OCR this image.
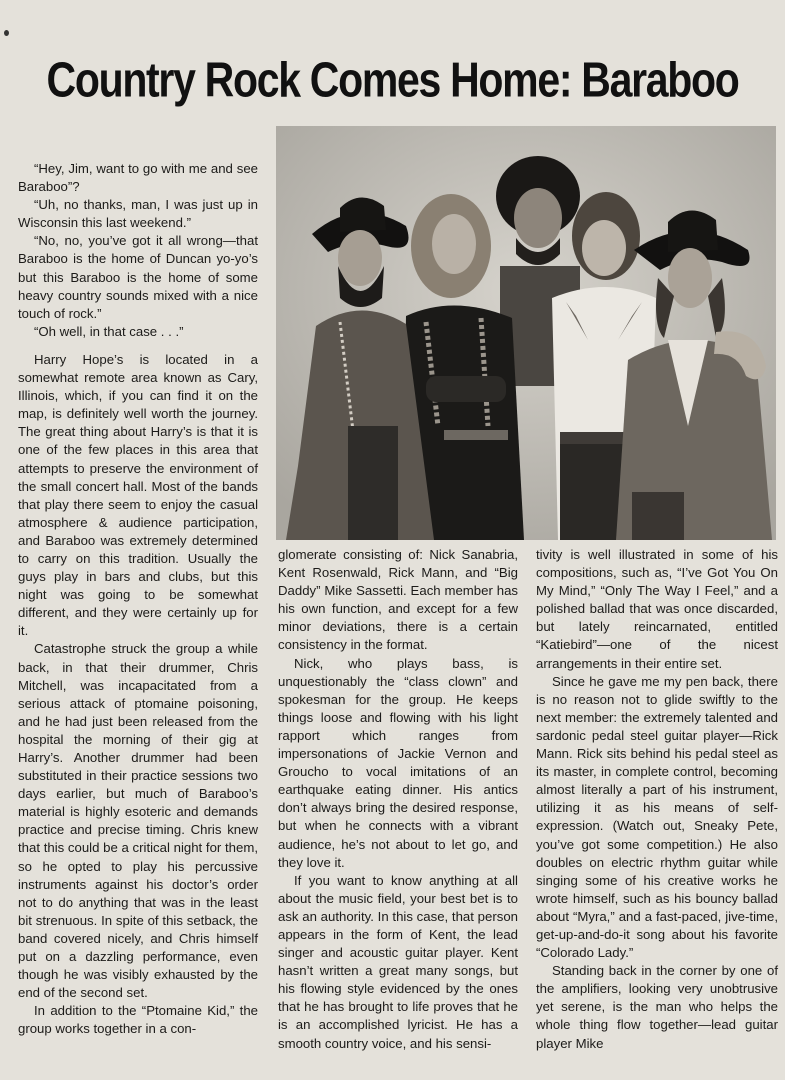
Country Rock Comes Home: Baraboo

“Hey, Jim, want to go with me and see Baraboo”?

“Uh, no thanks, man, I was just up in Wisconsin this last weekend.”

“No, no, you’ve got it all wrong—that Baraboo is the home of Duncan yo-yo’s but this Baraboo is the home of some heavy country sounds mixed with a nice touch of rock.”

“Oh well, in that case . . .”

Harry Hope’s is located in a somewhat remote area known as Cary, Illinois, which, if you can find it on the map, is definitely well worth the journey. The great thing about Harry’s is that it is one of the few places in this area that attempts to preserve the environment of the small concert hall. Most of the bands that play there seem to enjoy the casual atmosphere & audience participation, and Baraboo was extremely determined to carry on this tradition. Usually the guys play in bars and clubs, but this night was going to be somewhat different, and they were certainly up for it.

Catastrophe struck the group a while back, in that their drummer, Chris Mitchell, was incapacitated from a serious attack of ptomaine poisoning, and he had just been released from the hospital the morning of their gig at Harry’s. Another drummer had been substituted in their practice sessions two days earlier, but much of Baraboo’s material is highly esoteric and demands practice and precise timing. Chris knew that this could be a critical night for them, so he opted to play his percussive instruments against his doctor’s order not to do anything that was in the least bit strenuous. In spite of this setback, the band covered nicely, and Chris himself put on a dazzling performance, even though he was visibly exhausted by the end of the second set.

In addition to the “Ptomaine Kid,” the group works together in a con-

glomerate consisting of: Nick Sanabria, Kent Rosenwald, Rick Mann, and “Big Daddy” Mike Sassetti. Each member has his own function, and except for a few minor deviations, there is a certain consistency in the format.

Nick, who plays bass, is unquestionably the “class clown” and spokesman for the group. He keeps things loose and flowing with his light rapport which ranges from impersonations of Jackie Vernon and Groucho to vocal imitations of an earthquake eating dinner. His antics don’t always bring the desired response, but when he connects with a vibrant audience, he’s not about to let go, and they love it.

If you want to know anything at all about the music field, your best bet is to ask an authority. In this case, that person appears in the form of Kent, the lead singer and acoustic guitar player. Kent hasn’t written a great many songs, but his flowing style evidenced by the ones that he has brought to life proves that he is an accomplished lyricist. He has a smooth country voice, and his sensi-

tivity is well illustrated in some of his compositions, such as, “I’ve Got You On My Mind,” “Only The Way I Feel,” and a polished ballad that was once discarded, but lately reincarnated, entitled “Katiebird”—one of the nicest arrangements in their entire set.

Since he gave me my pen back, there is no reason not to glide swiftly to the next member: the extremely talented and sardonic pedal steel guitar player—Rick Mann. Rick sits behind his pedal steel as its master, in complete control, becoming almost literally a part of his instrument, utilizing it as his means of self-expression. (Watch out, Sneaky Pete, you’ve got some competition.) He also doubles on electric rhythm guitar while singing some of his creative works he wrote himself, such as his bouncy ballad about “Myra,” and a fast-paced, jive-time, get-up-and-do-it song about his favorite “Colorado Lady.”

Standing back in the corner by one of the amplifiers, looking very unobtrusive yet serene, is the man who helps the whole thing flow together—lead guitar player Mike
